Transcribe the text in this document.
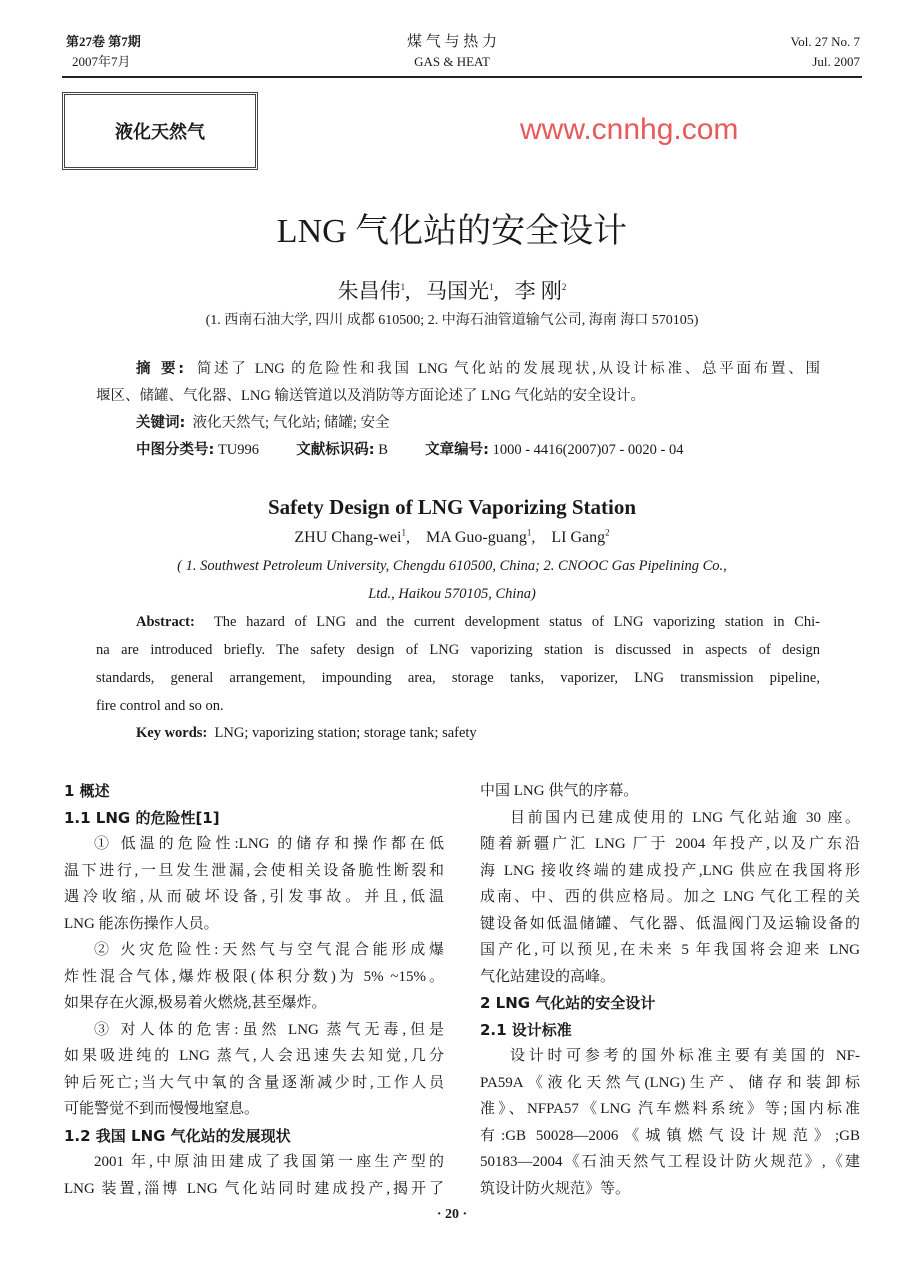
第27卷 第7期
2007年7月
煤 气 与 热 力
GAS & HEAT
Vol. 27 No. 7
Jul. 2007
液化天然气	www.cnnhg.com
LNG 气化站的安全设计
朱昌伟$^1$,   马国光$^1$,   李 刚$^2$
(1. 西南石油大学, 四川 成都 610500; 2. 中海石油管道输气公司, 海南 海口 570105)
摘 要: 简述了 LNG 的危险性和我国 LNG 气化站的发展现状,从设计标准、总平面布置、围
堰区、储罐、气化器、LNG 输送管道以及消防等方面论述了 LNG 气化站的安全设计。
关键词: 液化天然气; 气化站; 储罐; 安全
中图分类号: TU996	文献标识码: B	文章编号: 1000 - 4416(2007)07 - 0020 - 04
Safety Design of LNG Vaporizing Station
ZHU Chang-wei$^1$,    MA Guo-guang$^1$,    LI Gang$^2$
( 1. Southwest Petroleum University, Chengdu 610500, China; 2. CNOOC Gas Pipelining Co.,
Ltd., Haikou 570105, China)
Abstract: The hazard of LNG and the current development status of LNG vaporizing station in Chi-
na are introduced briefly. The safety design of LNG vaporizing station is discussed in aspects of design
standards, general arrangement, impounding area, storage tanks, vaporizer, LNG transmission pipeline,
fire control and so on.
Key words: LNG; vaporizing station; storage tank; safety
1 概述
1.1 LNG 的危险性[1]
① 低温的危险性:LNG 的储存和操作都在低
温下进行,一旦发生泄漏,会使相关设备脆性断裂和
遇冷收缩,从而破坏设备,引发事故。并且,低温
LNG 能冻伤操作人员。
② 火灾危险性:天然气与空气混合能形成爆
炸性混合气体,爆炸极限(体积分数)为 5% ~15%。
如果存在火源,极易着火燃烧,甚至爆炸。
③ 对人体的危害:虽然 LNG 蒸气无毒,但是
如果吸进纯的 LNG 蒸气,人会迅速失去知觉,几分
钟后死亡;当大气中氧的含量逐渐减少时,工作人员
可能警觉不到而慢慢地窒息。
1.2 我国 LNG 气化站的发展现状
2001 年,中原油田建成了我国第一座生产型的
LNG 装置,淄博 LNG 气化站同时建成投产,揭开了
中国 LNG 供气的序幕。
目前国内已建成使用的 LNG 气化站逾 30 座。
随着新疆广汇 LNG 厂于 2004 年投产,以及广东沿
海 LNG 接收终端的建成投产,LNG 供应在我国将形
成南、中、西的供应格局。加之 LNG 气化工程的关
键设备如低温储罐、气化器、低温阀门及运输设备的
国产化,可以预见,在未来 5 年我国将会迎来 LNG
气化站建设的高峰。
2 LNG 气化站的安全设计
2.1 设计标准
设计时可参考的国外标准主要有美国的 NF-
PA59A《液化天然气(LNG)生产、储存和装卸标
准》、NFPA57《LNG 汽车燃料系统》等;国内标准
有:GB 50028—2006《城镇燃气设计规范》;GB
50183—2004《石油天然气工程设计防火规范》,《建
筑设计防火规范》等。
· 20 ·
